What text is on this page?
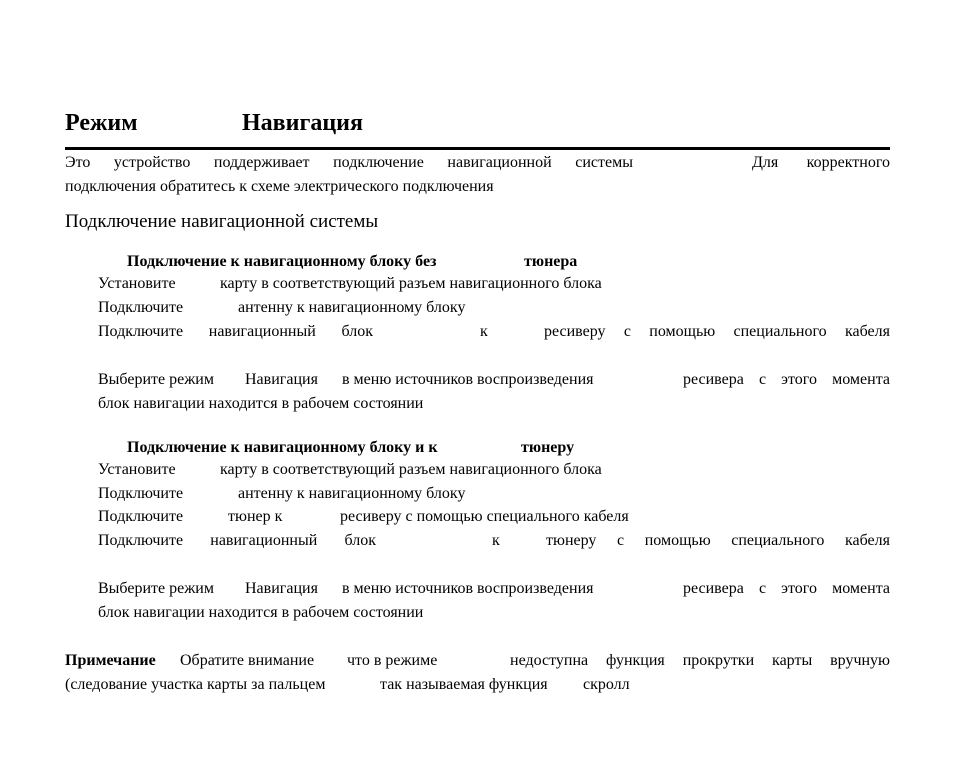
Режим	Навигация
Это устройство поддерживает подключение навигационной системы	Для корректного
подключения обратитесь к схеме электрического подключения
Подключение навигационной системы
Подключение к навигационному блоку без	тюнера
Установите	карту в соответствующий разъем навигационного блока
Подключите	антенну к навигационному блоку
Подключите навигационный блок	к	ресиверу с помощью специального кабеля
Выберите режим Навигация в меню источников воспроизведения	ресивера с этого момента
блок навигации находится в рабочем состоянии
Подключение к навигационному блоку и к	тюнеру
Установите	карту в соответствующий разъем навигационного блока
Подключите	антенну к навигационному блоку
Подключите	тюнер к	ресиверу с помощью специального кабеля
Подключите навигационный блок	к	тюнеру с помощью специального кабеля
Выберите режим Навигация в меню источников воспроизведения	ресивера с этого момента
блок навигации находится в рабочем состоянии
Примечание Обратите внимание что в режиме	недоступна функция прокрутки карты вручную
(следование участка карты за пальцем	так называемая функция скролл
